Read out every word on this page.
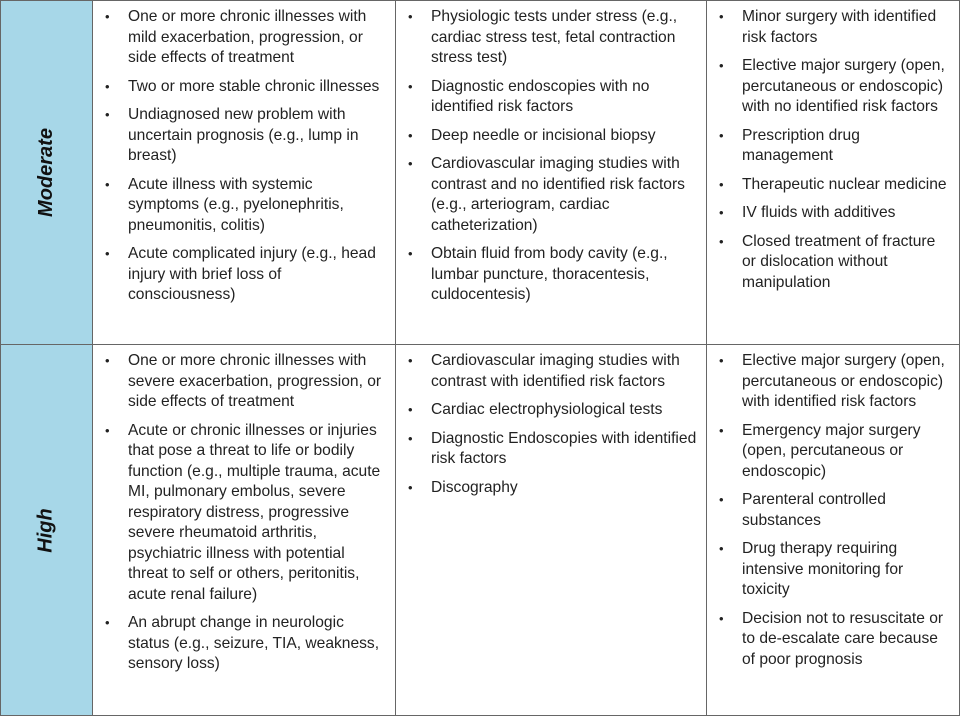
Moderate
• One or more chronic illnesses with mild exacerbation, progression, or side effects of treatment
• Two or more stable chronic illnesses
• Undiagnosed new problem with uncertain prognosis (e.g., lump in breast)
• Acute illness with systemic symptoms (e.g., pyelonephritis, pneumonitis, colitis)
• Acute complicated injury (e.g., head injury with brief loss of consciousness)
• Physiologic tests under stress (e.g., cardiac stress test, fetal contraction stress test)
• Diagnostic endoscopies with no identified risk factors
• Deep needle or incisional biopsy
• Cardiovascular imaging studies with contrast and no identified risk factors (e.g., arteriogram, cardiac catheterization)
• Obtain fluid from body cavity (e.g., lumbar puncture, thoracentesis, culdocentesis)
• Minor surgery with identified risk factors
• Elective major surgery (open, percutaneous or endoscopic) with no identified risk factors
• Prescription drug management
• Therapeutic nuclear medicine
• IV fluids with additives
• Closed treatment of fracture or dislocation without manipulation
High
• One or more chronic illnesses with severe exacerbation, progression, or side effects of treatment
• Acute or chronic illnesses or injuries that pose a threat to life or bodily function (e.g., multiple trauma, acute MI, pulmonary embolus, severe respiratory distress, progressive severe rheumatoid arthritis, psychiatric illness with potential threat to self or others, peritonitis, acute renal failure)
• An abrupt change in neurologic status (e.g., seizure, TIA, weakness, sensory loss)
• Cardiovascular imaging studies with contrast with identified risk factors
• Cardiac electrophysiological tests
• Diagnostic Endoscopies with identified risk factors
• Discography
• Elective major surgery (open, percutaneous or endoscopic) with identified risk factors
• Emergency major surgery (open, percutaneous or endoscopic)
• Parenteral controlled substances
• Drug therapy requiring intensive monitoring for toxicity
• Decision not to resuscitate or to de-escalate care because of poor prognosis
